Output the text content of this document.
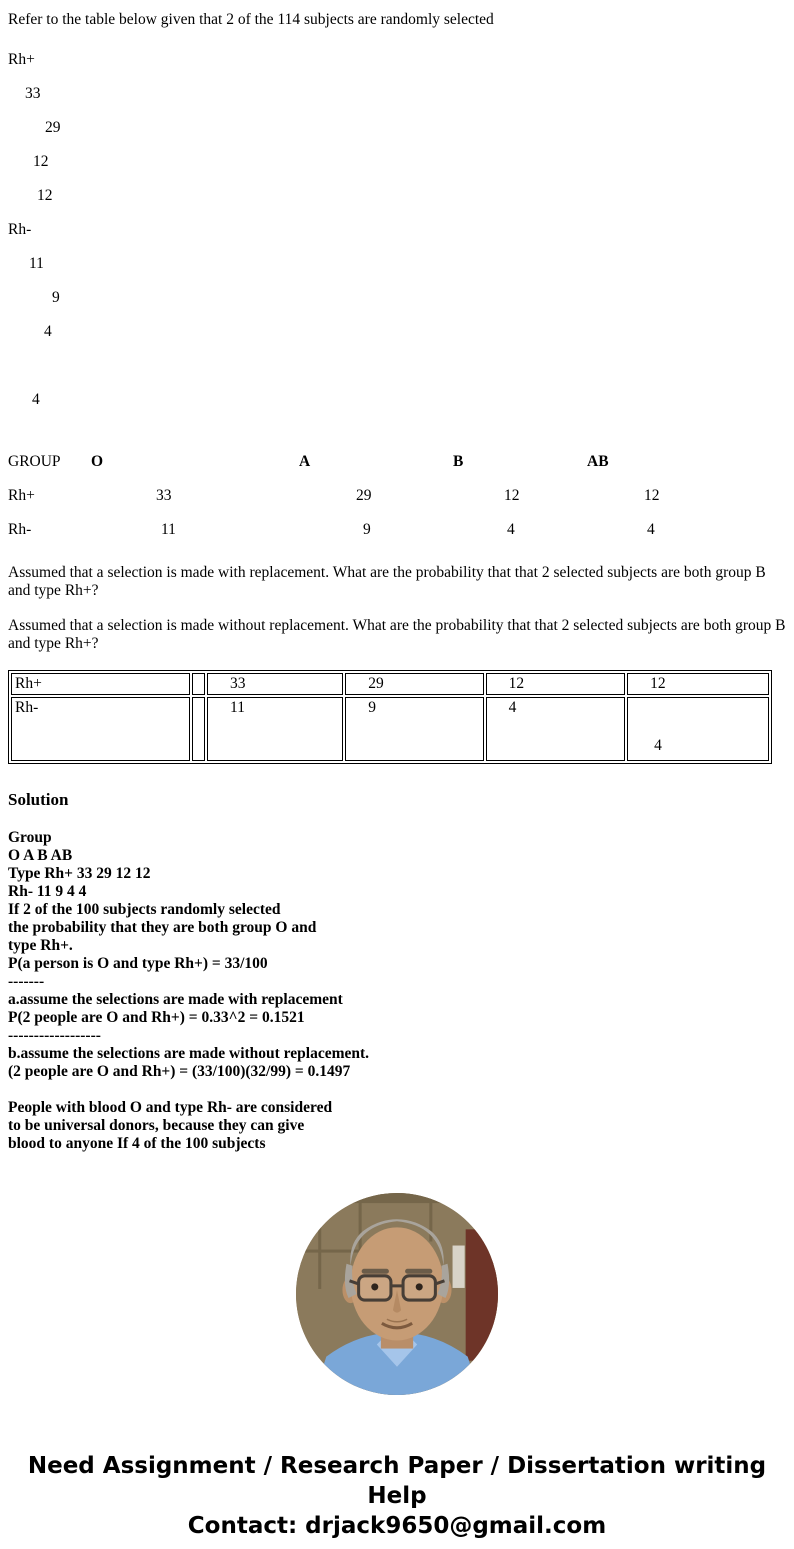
Refer to the table below given that 2 of the 114 subjects are randomly selected

Rh+
33
29
12
12
Rh-
11
9
4
4
GROUP O	A	B	AB
Rh+	33	29	12	12
Rh-	11	9	4	4

Assumed that a selection is made with replacement. What are the probability that that 2 selected subjects are both group B and type Rh+?

Assumed that a selection is made without replacement. What are the probability that that 2 selected subjects are both group B and type Rh+?

Rh+		33	29	12	12
Rh-		11	9	4	4
Solution
Group
O A B AB
Type Rh+ 33 29 12 12
Rh- 11 9 4 4
If 2 of the 100 subjects randomly selected
the probability that they are both group O and
type Rh+.
P(a person is O and type Rh+) = 33/100
-------
a.assume the selections are made with replacement
P(2 people are O and Rh+) = 0.33^2 = 0.1521
------------------
b.assume the selections are made without replacement.
(2 people are O and Rh+) = (33/100)(32/99) = 0.1497
People with blood O and type Rh- are considered
to be universal donors, because they can give
blood to anyone If 4 of the 100 subjects
Need Assignment / Research Paper / Dissertation writing Help
Contact: drjack9650@gmail.com
